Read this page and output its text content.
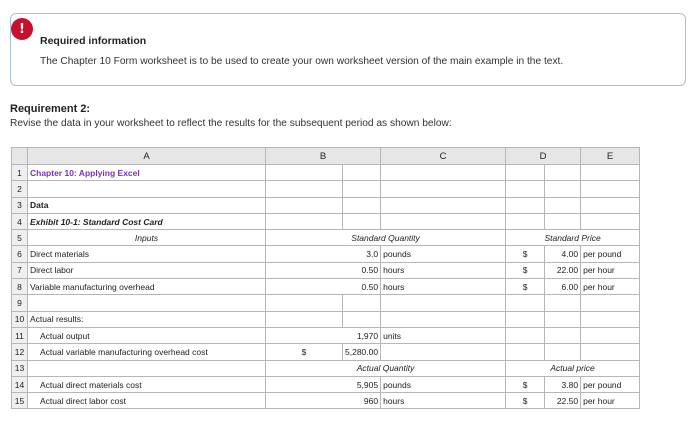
!
Required information
The Chapter 10 Form worksheet is to be used to create your own worksheet version of the main example in the text.
Requirement 2:
Revise the data in your worksheet to reflect the results for the subsequent period as shown below:
	A	B		C	D		E
1	Chapter 10: Applying Excel						
2							
3	Data						
4	Exhibit 10-1: Standard Cost Card						
5	Inputs	Standard Quantity			Standard Price		
6	Direct materials	3.0		pounds	$	4.00	per pound
7	Direct labor	0.50		hours	$	22.00	per hour
8	Variable manufacturing overhead	0.50		hours	$	6.00	per hour
9							
10	Actual results:						
11	Actual output	1,970		units			
12	Actual variable manufacturing overhead cost	$	5,280.00				
13		Actual Quantity			Actual price		
14	Actual direct materials cost	5,905		pounds	$	3.80	per pound
15	Actual direct labor cost	960		hours	$	22.50	per hour
